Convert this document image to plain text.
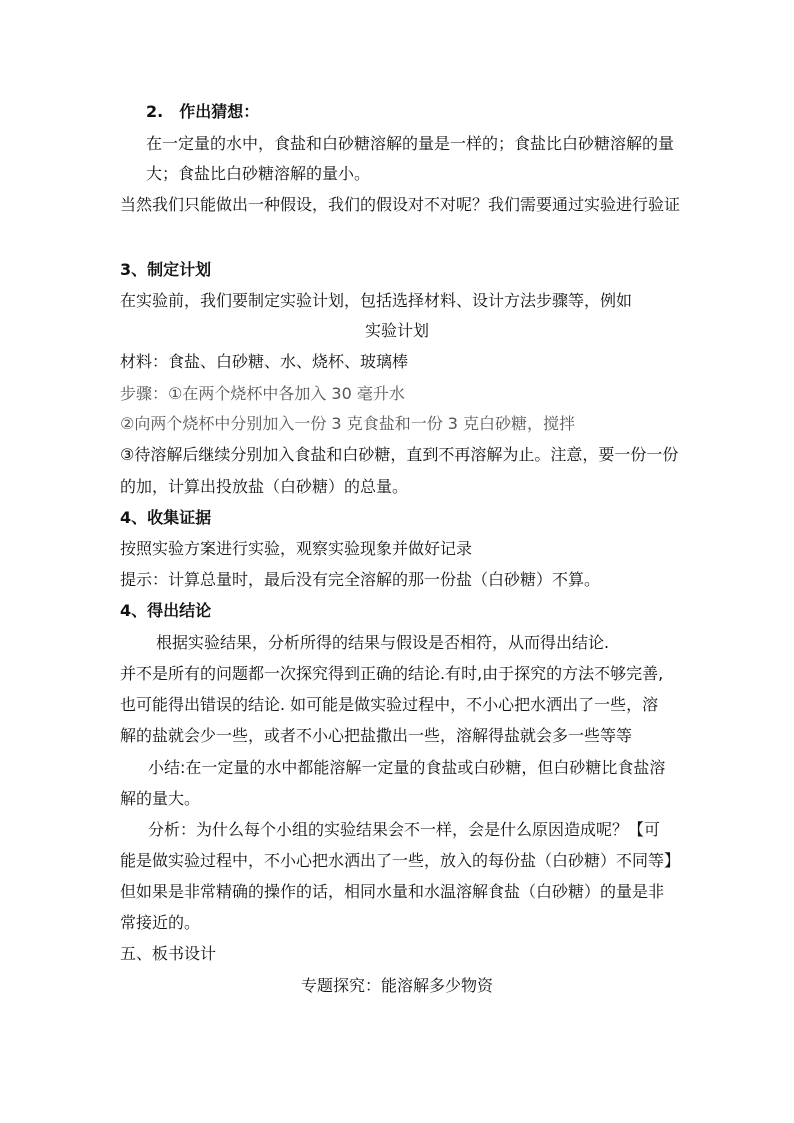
2.　作出猜想：
在一定量的水中，食盐和白砂糖溶解的量是一样的；食盐比白砂糖溶解的量
大；食盐比白砂糖溶解的量小。
当然我们只能做出一种假设，我们的假设对不对呢？我们需要通过实验进行验证
3、制定计划
在实验前，我们要制定实验计划，包括选择材料、设计方法步骤等，例如
实验计划
材料：食盐、白砂糖、水、烧杯、玻璃棒
步骤：①在两个烧杯中各加入 30 毫升水
②向两个烧杯中分别加入一份 3 克食盐和一份 3 克白砂糖，搅拌
③待溶解后继续分别加入食盐和白砂糖，直到不再溶解为止。注意，要一份一份
的加，计算出投放盐（白砂糖）的总量。
4、收集证据
按照实验方案进行实验，观察实验现象并做好记录
提示：计算总量时，最后没有完全溶解的那一份盐（白砂糖）不算。
4、得出结论
根据实验结果，分析所得的结果与假设是否相符，从而得出结论.
并不是所有的问题都一次探究得到正确的结论.有时,由于探究的方法不够完善,
也可能得出错误的结论. 如可能是做实验过程中，不小心把水洒出了一些，溶
解的盐就会少一些，或者不小心把盐撒出一些，溶解得盐就会多一些等等
小结:在一定量的水中都能溶解一定量的食盐或白砂糖，但白砂糖比食盐溶
解的量大。
分析：为什么每个小组的实验结果会不一样，会是什么原因造成呢？【可
能是做实验过程中，不小心把水洒出了一些，放入的每份盐（白砂糖）不同等】
但如果是非常精确的操作的话，相同水量和水温溶解食盐（白砂糖）的量是非
常接近的。
五、板书设计
专题探究：能溶解多少物资
